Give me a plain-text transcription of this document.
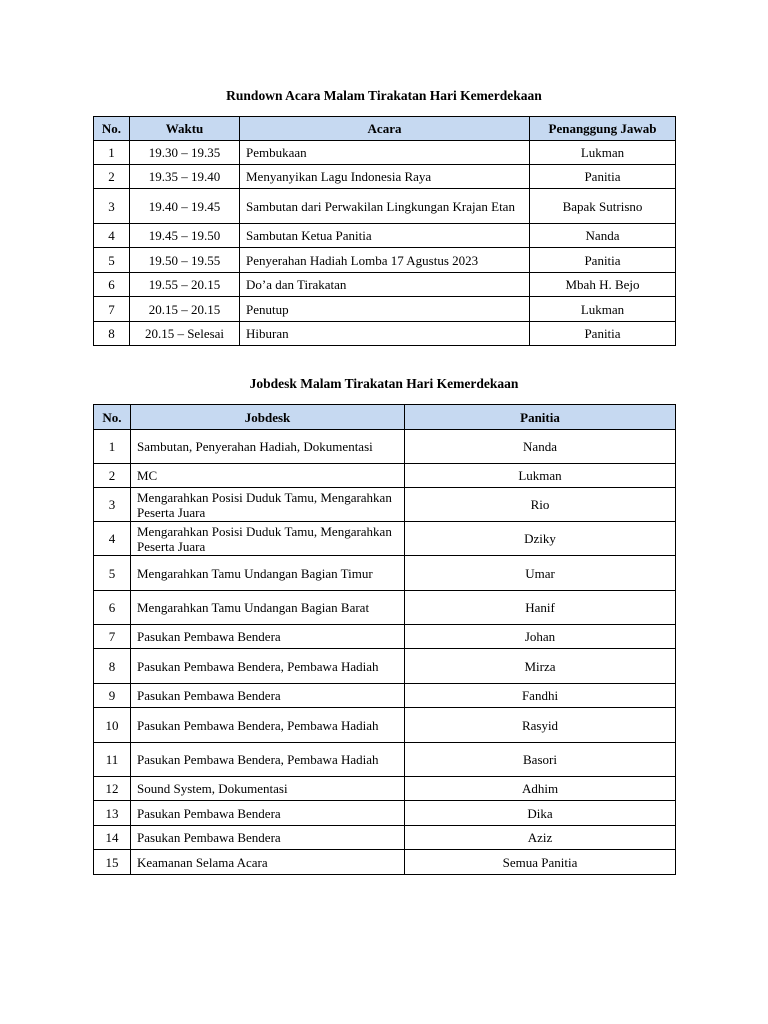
Rundown Acara Malam Tirakatan Hari Kemerdekaan
No.	Waktu	Acara	Penanggung Jawab
1	19.30 – 19.35	Pembukaan	Lukman
2	19.35 – 19.40	Menyanyikan Lagu Indonesia Raya	Panitia
3	19.40 – 19.45	Sambutan dari Perwakilan Lingkungan Krajan Etan	Bapak Sutrisno
4	19.45 – 19.50	Sambutan Ketua Panitia	Nanda
5	19.50 – 19.55	Penyerahan Hadiah Lomba 17 Agustus 2023	Panitia
6	19.55 – 20.15	Do’a dan Tirakatan	Mbah H. Bejo
7	20.15 – 20.15	Penutup	Lukman
8	20.15 – Selesai	Hiburan	Panitia
Jobdesk Malam Tirakatan Hari Kemerdekaan
No.	Jobdesk	Panitia
1	Sambutan, Penyerahan Hadiah, Dokumentasi	Nanda
2	MC	Lukman
3	Mengarahkan Posisi Duduk Tamu, Mengarahkan Peserta Juara	Rio
4	Mengarahkan Posisi Duduk Tamu, Mengarahkan Peserta Juara	Dziky
5	Mengarahkan Tamu Undangan Bagian Timur	Umar
6	Mengarahkan Tamu Undangan Bagian Barat	Hanif
7	Pasukan Pembawa Bendera	Johan
8	Pasukan Pembawa Bendera, Pembawa Hadiah	Mirza
9	Pasukan Pembawa Bendera	Fandhi
10	Pasukan Pembawa Bendera, Pembawa Hadiah	Rasyid
11	Pasukan Pembawa Bendera, Pembawa Hadiah	Basori
12	Sound System, Dokumentasi	Adhim
13	Pasukan Pembawa Bendera	Dika
14	Pasukan Pembawa Bendera	Aziz
15	Keamanan Selama Acara	Semua Panitia
